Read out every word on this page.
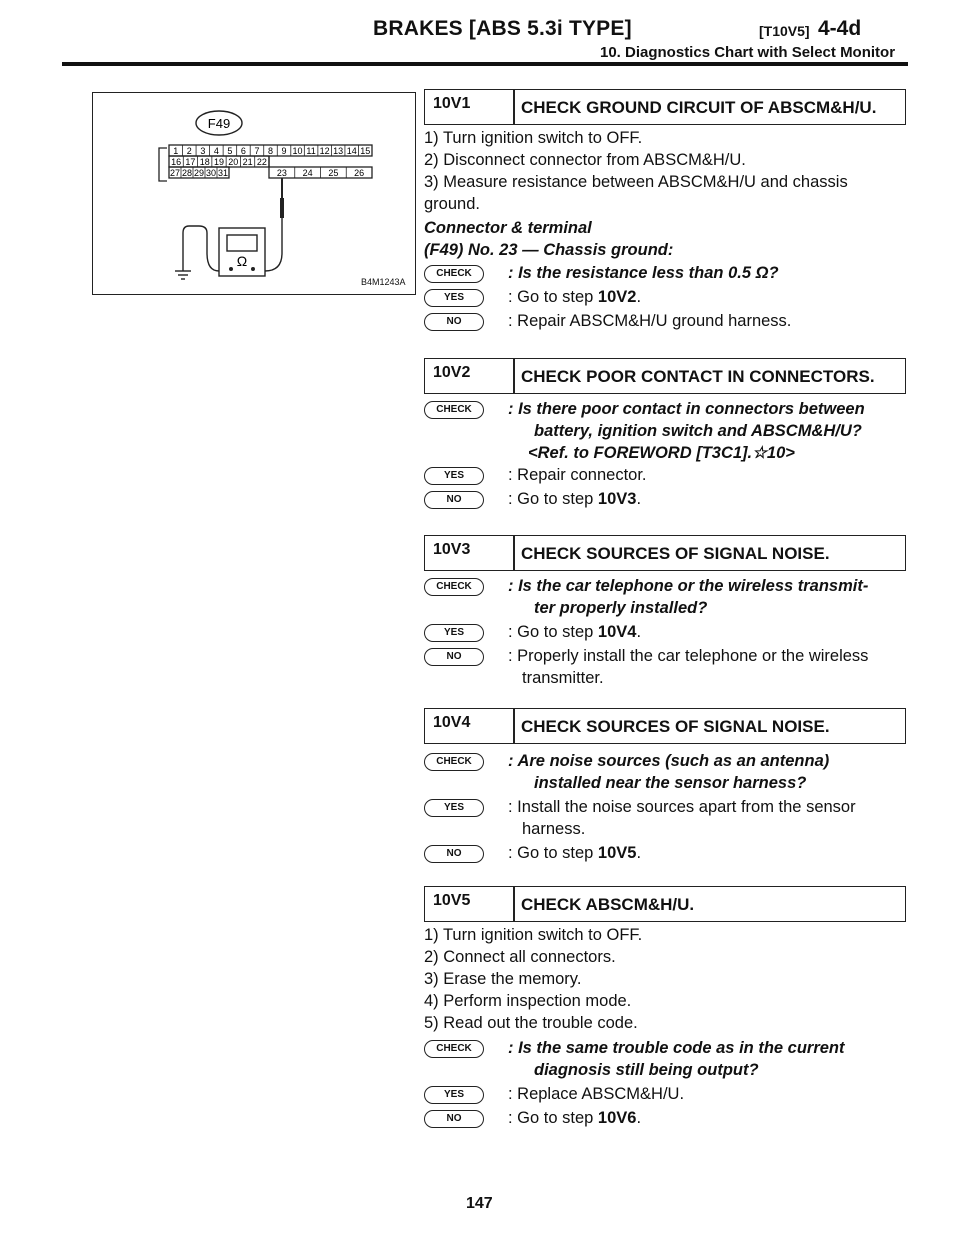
BRAKES [ABS 5.3i TYPE]	[T10V5] 4-4d
10. Diagnostics Chart with Select Monitor
F49
1 2 3 4 5 6 7 8 9 10 11 12 13 14 15
16 17 18 19 20 21 22
23 24 25 26
27 28 29 30 31
Ω
B4M1243A
10V1	CHECK GROUND CIRCUIT OF ABSCM&H/U.
1) Turn ignition switch to OFF.
2) Disconnect connector from ABSCM&H/U.
3) Measure resistance between ABSCM&H/U and chassis
ground.
Connector & terminal
(F49) No. 23 — Chassis ground:
CHECK	: Is the resistance less than 0.5 Ω?
YES	: Go to step 10V2.
NO	: Repair ABSCM&H/U ground harness.
10V2	CHECK POOR CONTACT IN CONNECTORS.
CHECK	: Is there poor contact in connectors between
battery, ignition switch and ABSCM&H/U?
<Ref. to FOREWORD [T3C1].☆10>
YES	: Repair connector.
NO	: Go to step 10V3.
10V3	CHECK SOURCES OF SIGNAL NOISE.
CHECK	: Is the car telephone or the wireless transmit-
ter properly installed?
YES	: Go to step 10V4.
NO	: Properly install the car telephone or the wireless
transmitter.
10V4	CHECK SOURCES OF SIGNAL NOISE.
CHECK	: Are noise sources (such as an antenna)
installed near the sensor harness?
YES	: Install the noise sources apart from the sensor
harness.
NO	: Go to step 10V5.
10V5	CHECK ABSCM&H/U.
1) Turn ignition switch to OFF.
2) Connect all connectors.
3) Erase the memory.
4) Perform inspection mode.
5) Read out the trouble code.
CHECK	: Is the same trouble code as in the current
diagnosis still being output?
YES	: Replace ABSCM&H/U.
NO	: Go to step 10V6.
147
